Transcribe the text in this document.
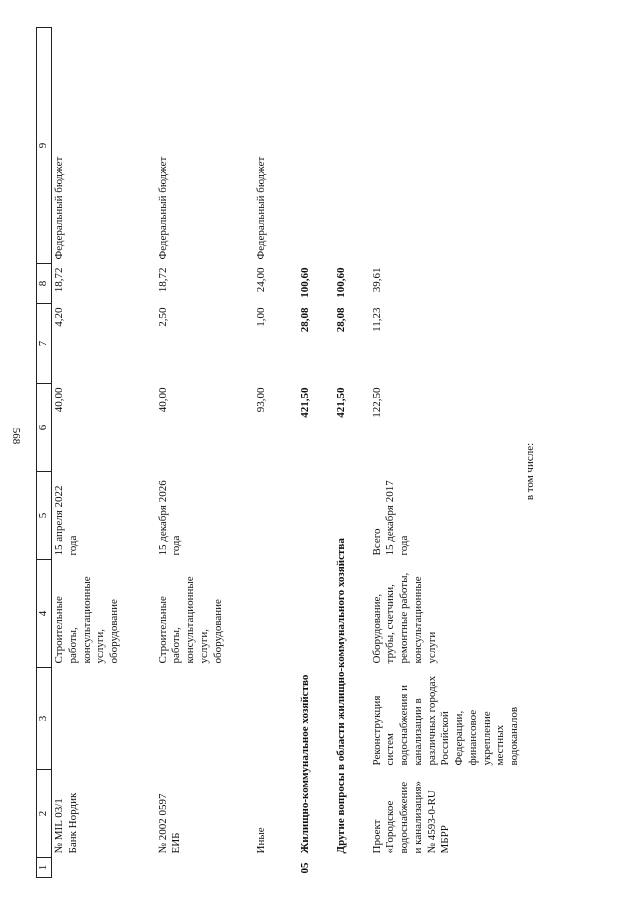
568
1	2	3	4	5	6	7	8	9

	№ MIL 03/1 Банк Нордик		Строительные работы, консультационные услуги, оборудование	15 апреля 2022 года	40,00	4,20	18,72	Федеральный бюджет

	№ 2002 0597 ЕИБ		Строительные работы, консультационные услуги, оборудование	15 декабря 2026 года	40,00	2,50	18,72	Федеральный бюджет
	Иные				93,00	1,00	24,00	Федеральный бюджет
05	Жилищно-коммунальное хозяйство				421,50	28,08	100,60	
	Другие вопросы в области жилищно-коммунального хозяйства				421,50	28,08	100,60	
	Проект «Городское водоснабжение и канализация» № 4593-0-RU МБРР	Реконструкция систем водоснабжения и канализации в различных городах Российской Федерации, финансовое укрепление местных водоканалов	Оборудование, трубы, счетчики, ремонтные работы, консультационные услуги	Всего 15 декабря 2017 года	122,50	11,23	39,61	
				в том числе:				
